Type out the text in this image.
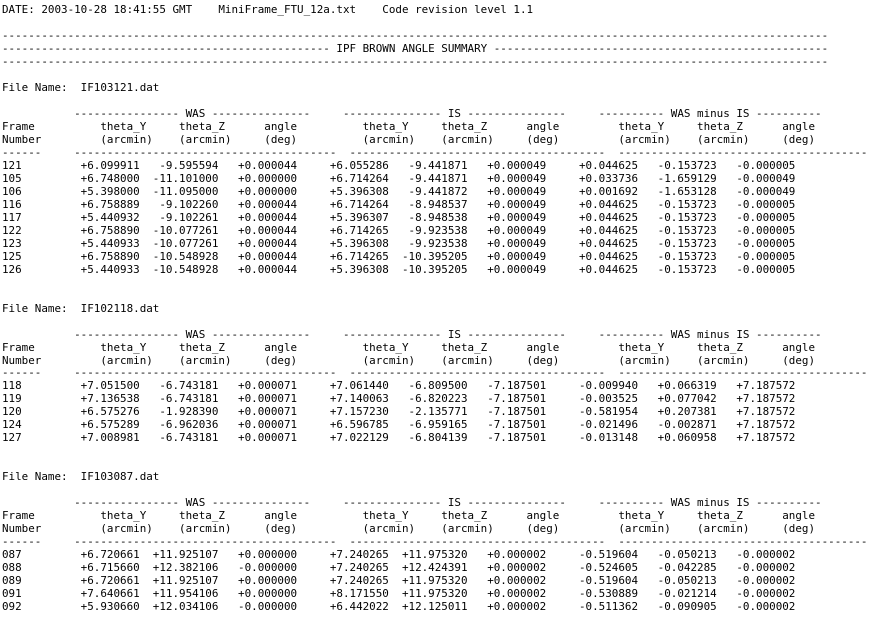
DATE: 2003-10-28 18:41:55 GMT    MiniFrame_FTU_12a.txt    Code revision level 1.1
------------------------------------------------------------------------------------------------------------------------------
-------------------------------------------------- IPF BROWN ANGLE SUMMARY ---------------------------------------------------
------------------------------------------------------------------------------------------------------------------------------
File Name:  IF103121.dat
---------------- WAS ---------------     --------------- IS ---------------     ---------- WAS minus IS ----------
Frame          theta_Y     theta_Z      angle          theta_Y     theta_Z      angle         theta_Y     theta_Z      angle
Number         (arcmin)    (arcmin)     (deg)          (arcmin)    (arcmin)     (deg)         (arcmin)    (arcmin)     (deg)
------     ----------------------------------------  ---------------------------------------  --------------------------------------
121         +6.099911   -9.595594   +0.000044     +6.055286   -9.441871   +0.000049     +0.044625   -0.153723   -0.000005
105         +6.748000  -11.101000   +0.000000     +6.714264   -9.441871   +0.000049     +0.033736   -1.659129   -0.000049
106         +5.398000  -11.095000   +0.000000     +5.396308   -9.441872   +0.000049     +0.001692   -1.653128   -0.000049
116         +6.758889   -9.102260   +0.000044     +6.714264   -8.948537   +0.000049     +0.044625   -0.153723   -0.000005
117         +5.440932   -9.102261   +0.000044     +5.396307   -8.948538   +0.000049     +0.044625   -0.153723   -0.000005
122         +6.758890  -10.077261   +0.000044     +6.714265   -9.923538   +0.000049     +0.044625   -0.153723   -0.000005
123         +5.440933  -10.077261   +0.000044     +5.396308   -9.923538   +0.000049     +0.044625   -0.153723   -0.000005
125         +6.758890  -10.548928   +0.000044     +6.714265  -10.395205   +0.000049     +0.044625   -0.153723   -0.000005
126         +5.440933  -10.548928   +0.000044     +5.396308  -10.395205   +0.000049     +0.044625   -0.153723   -0.000005
File Name:  IF102118.dat
---------------- WAS ---------------     --------------- IS ---------------     ---------- WAS minus IS ----------
Frame          theta_Y     theta_Z      angle          theta_Y     theta_Z      angle         theta_Y     theta_Z      angle
Number         (arcmin)    (arcmin)     (deg)          (arcmin)    (arcmin)     (deg)         (arcmin)    (arcmin)     (deg)
------     ----------------------------------------  ---------------------------------------  --------------------------------------
118         +7.051500   -6.743181   +0.000071     +7.061440   -6.809500   -7.187501     -0.009940   +0.066319   +7.187572
119         +7.136538   -6.743181   +0.000071     +7.140063   -6.820223   -7.187501     -0.003525   +0.077042   +7.187572
120         +6.575276   -1.928390   +0.000071     +7.157230   -2.135771   -7.187501     -0.581954   +0.207381   +7.187572
124         +6.575289   -6.962036   +0.000071     +6.596785   -6.959165   -7.187501     -0.021496   -0.002871   +7.187572
127         +7.008981   -6.743181   +0.000071     +7.022129   -6.804139   -7.187501     -0.013148   +0.060958   +7.187572
File Name:  IF103087.dat
---------------- WAS ---------------     --------------- IS ---------------     ---------- WAS minus IS ----------
Frame          theta_Y     theta_Z      angle          theta_Y     theta_Z      angle         theta_Y     theta_Z      angle
Number         (arcmin)    (arcmin)     (deg)          (arcmin)    (arcmin)     (deg)         (arcmin)    (arcmin)     (deg)
------     ----------------------------------------  ---------------------------------------  --------------------------------------
087         +6.720661  +11.925107   +0.000000     +7.240265  +11.975320   +0.000002     -0.519604   -0.050213   -0.000002
088         +6.715660  +12.382106   -0.000000     +7.240265  +12.424391   +0.000002     -0.524605   -0.042285   -0.000002
089         +6.720661  +11.925107   +0.000000     +7.240265  +11.975320   +0.000002     -0.519604   -0.050213   -0.000002
091         +7.640661  +11.954106   +0.000000     +8.171550  +11.975320   +0.000002     -0.530889   -0.021214   -0.000002
092         +5.930660  +12.034106   -0.000000     +6.442022  +12.125011   +0.000002     -0.511362   -0.090905   -0.000002
